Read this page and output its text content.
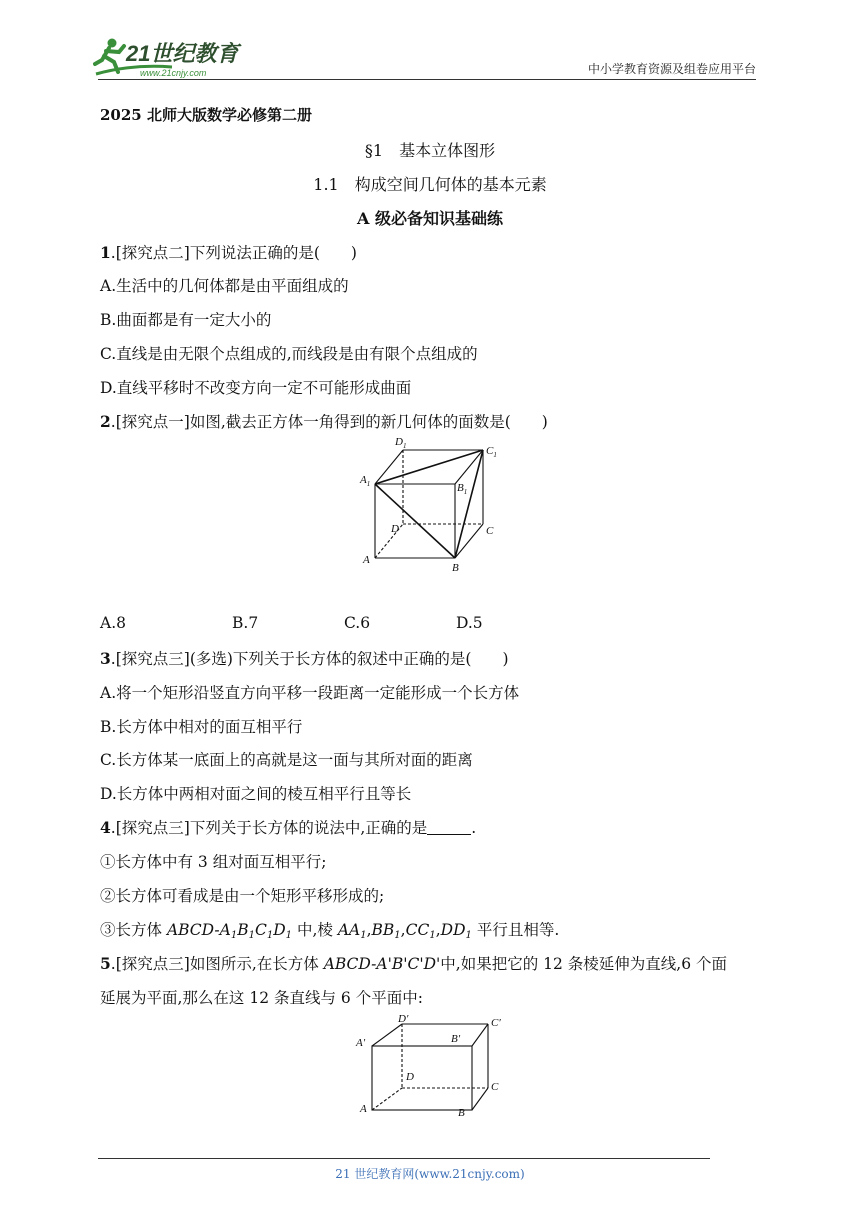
21世纪教育
www.21cnjy.com	中小学教育资源及组卷应用平台
2025 北师大版数学必修第二册
§1　基本立体图形
1.1　构成空间几何体的基本元素
A 级必备知识基础练
1.[探究点二]下列说法正确的是(　　)
A.生活中的几何体都是由平面组成的
B.曲面都是有一定大小的
C.直线是由无限个点组成的,而线段是由有限个点组成的
D.直线平移时不改变方向一定不可能形成曲面
2.[探究点一]如图,截去正方体一角得到的新几何体的面数是(　　)
$D_1$	$C_1$
$A_1$	$B_1$
D	C
A
B
A.8	B.7	C.6	D.5
3.[探究点三](多选)下列关于长方体的叙述中正确的是(　　)
A.将一个矩形沿竖直方向平移一段距离一定能形成一个长方体
B.长方体中相对的面互相平行
C.长方体某一底面上的高就是这一面与其所对面的距离
D.长方体中两相对面之间的棱互相平行且等长
4.[探究点三]下列关于长方体的说法中,正确的是	.
①长方体中有 3 组对面互相平行;
②长方体可看成是由一个矩形平移形成的;
③长方体 ABCD-$A_1B_1C_1D_1$ 中,棱 $AA_1,BB_1,CC_1,DD_1$ 平行且相等.
5.[探究点三]如图所示,在长方体 ABCD-A'B'C'D'中,如果把它的 12 条棱延伸为直线,6 个面
延展为平面,那么在这 12 条直线与 6 个平面中:
D′	C′
A′	B′
D
C
A	B
21 世纪教育网(www.21cnjy.com)
